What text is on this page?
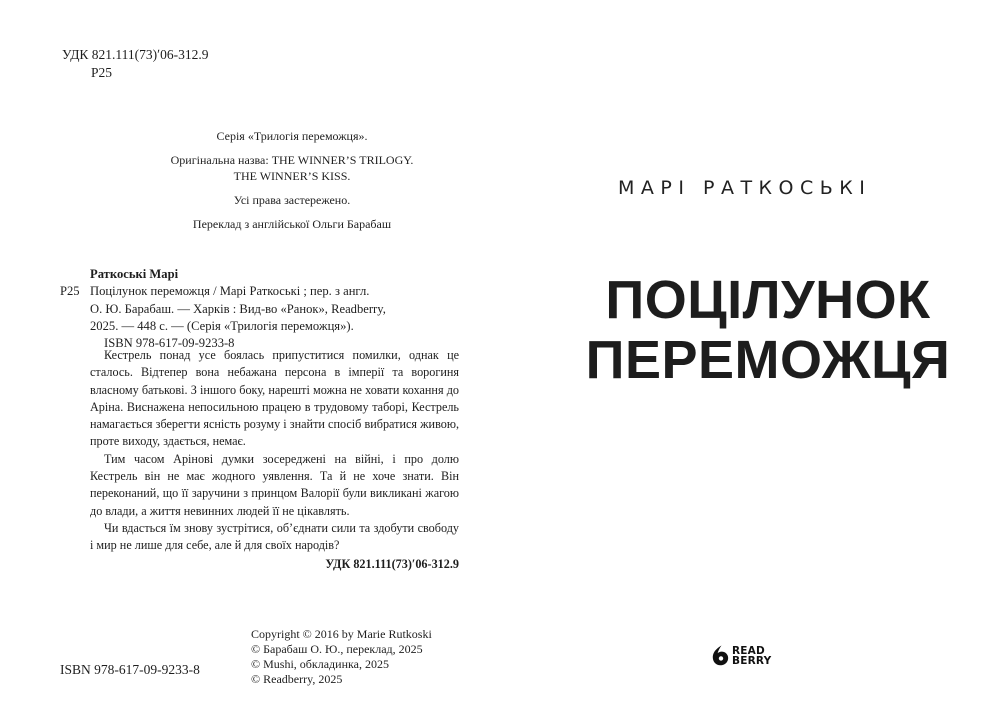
УДК 821.111(73)ʹ06-312.9
Р25
Серія «Трилогія переможця».
Оригінальна назва: THE WINNER’S TRILOGY.
THE WINNER’S KISS.
Усі права застережено.
Переклад з англійської Ольги Барабаш
Раткоські Марі
Р25 Поцілунок переможця / Марі Раткоські ; пер. з англ.
О. Ю. Барабаш. — Харків : Вид-во «Ранок», Readberry,
2025. — 448 с. — (Серія «Трилогія переможця»).
ISBN 978-617-09-9233-8

Кестрель понад усе боялась припуститися помилки, однак це сталось. Відтепер вона небажана персона в імперії та ворогиня власному батькові. З іншого боку, нарешті можна не ховати кохання до Аріна. Виснажена непосильною працею в трудовому таборі, Кестрель намагається зберегти ясність розуму і знайти спосіб вибратися живою, проте виходу, здається, немає.

Тим часом Арінові думки зосереджені на війні, і про долю Кестрель він не має жодного уявлення. Та й не хоче знати. Він переконаний, що її заручини з принцом Валорії були викликані жагою до влади, а життя невинних людей її не цікавлять.

Чи вдасться їм знову зустрітися, об’єднати сили та здобути свободу і мир не лише для себе, але й для своїх народів?

УДК 821.111(73)ʹ06-312.9
ISBN 978-617-09-9233-8
Copyright © 2016 by Marie Rutkoski
© Барабаш О. Ю., переклад, 2025
© Mushi, обкладинка, 2025
© Readberry, 2025
МАРІ РАТКОСЬКІ
ПОЦІЛУНОК
ПЕРЕМОЖЦЯ
READ
BERRY
